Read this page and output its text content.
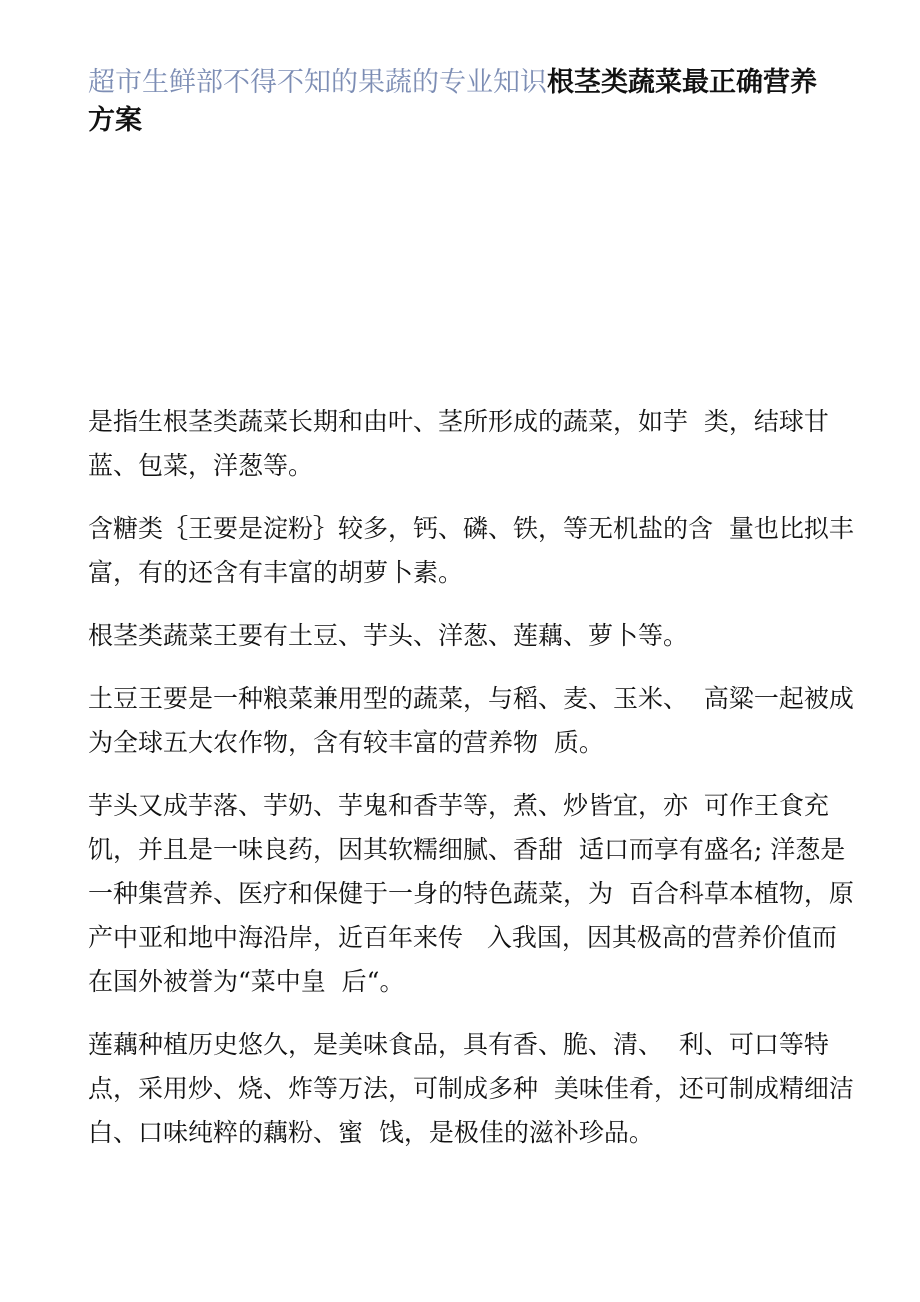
超市生鲜部不得不知的果蔬的专业知识根茎类蔬菜最正确营养方案

是指生根茎类蔬菜长期和由叶、茎所形成的蔬菜，如芋  类，结球甘蓝、包菜，洋葱等。

含糖类｛王要是淀粉｝较多，钙、磷、铁，等无机盐的含  量也比拟丰富，有的还含有丰富的胡萝卜素。

根茎类蔬菜王要有土豆、芋头、洋葱、莲藕、萝卜等。

土豆王要是一种粮菜兼用型的蔬菜，与稻、麦、玉米、  高粱一起被成为全球五大农作物，含有较丰富的营养物  质。

芋头又成芋落、芋奶、芋鬼和香芋等，煮、炒皆宜，亦  可作王食充饥，并且是一味良药，因其软糯细腻、香甜  适口而享有盛名; 洋葱是一种集营养、医疗和保健于一身的特色蔬菜，为  百合科草本植物，原产中亚和地中海沿岸，近百年来传   入我国，因其极高的营养价值而在国外被誉为“菜中皇  后“。

莲藕种植历史悠久，是美味食品，具有香、脆、清、  利、可口等特点，采用炒、烧、炸等万法，可制成多种  美味佳肴，还可制成精细洁白、口味纯粹的藕粉、蜜  饯，是极佳的滋补珍品。
